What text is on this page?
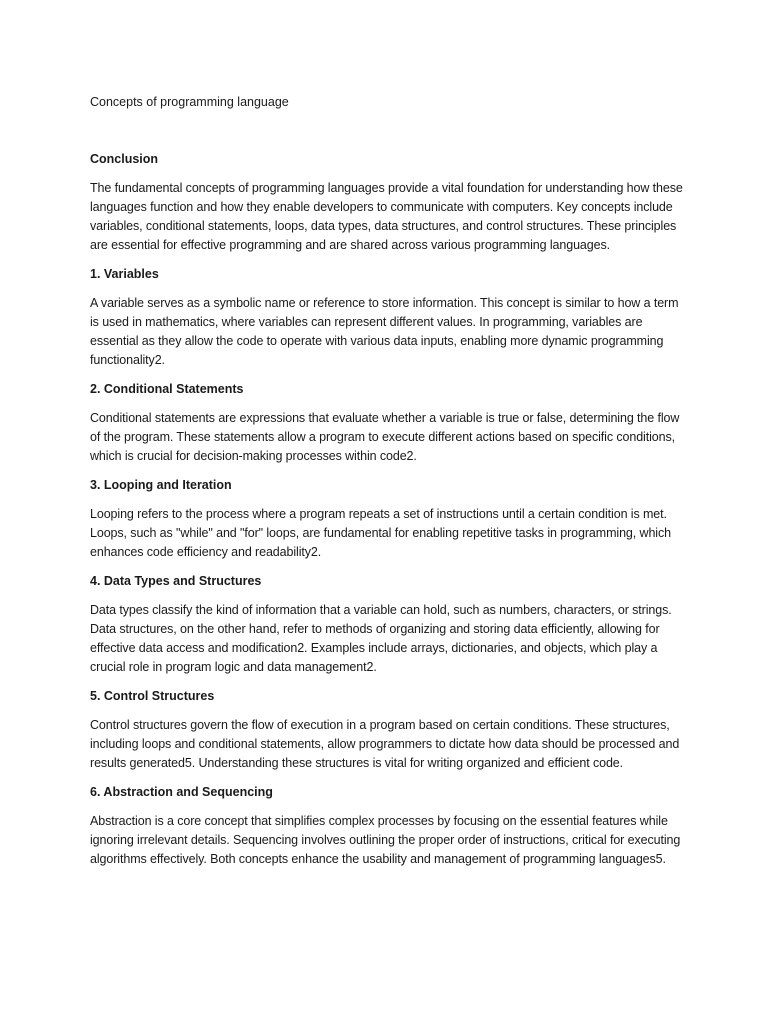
Concepts of programming language

Conclusion

The fundamental concepts of programming languages provide a vital foundation for understanding how these languages function and how they enable developers to communicate with computers. Key concepts include variables, conditional statements, loops, data types, data structures, and control structures. These principles are essential for effective programming and are shared across various programming languages.

1. Variables

A variable serves as a symbolic name or reference to store information. This concept is similar to how a term is used in mathematics, where variables can represent different values. In programming, variables are essential as they allow the code to operate with various data inputs, enabling more dynamic programming functionality2.

2. Conditional Statements

Conditional statements are expressions that evaluate whether a variable is true or false, determining the flow of the program. These statements allow a program to execute different actions based on specific conditions, which is crucial for decision-making processes within code2.

3. Looping and Iteration

Looping refers to the process where a program repeats a set of instructions until a certain condition is met. Loops, such as "while" and "for" loops, are fundamental for enabling repetitive tasks in programming, which enhances code efficiency and readability2.

4. Data Types and Structures

Data types classify the kind of information that a variable can hold, such as numbers, characters, or strings. Data structures, on the other hand, refer to methods of organizing and storing data efficiently, allowing for effective data access and modification2. Examples include arrays, dictionaries, and objects, which play a crucial role in program logic and data management2.

5. Control Structures

Control structures govern the flow of execution in a program based on certain conditions. These structures, including loops and conditional statements, allow programmers to dictate how data should be processed and results generated5. Understanding these structures is vital for writing organized and efficient code.

6. Abstraction and Sequencing

Abstraction is a core concept that simplifies complex processes by focusing on the essential features while ignoring irrelevant details. Sequencing involves outlining the proper order of instructions, critical for executing algorithms effectively. Both concepts enhance the usability and management of programming languages5.
